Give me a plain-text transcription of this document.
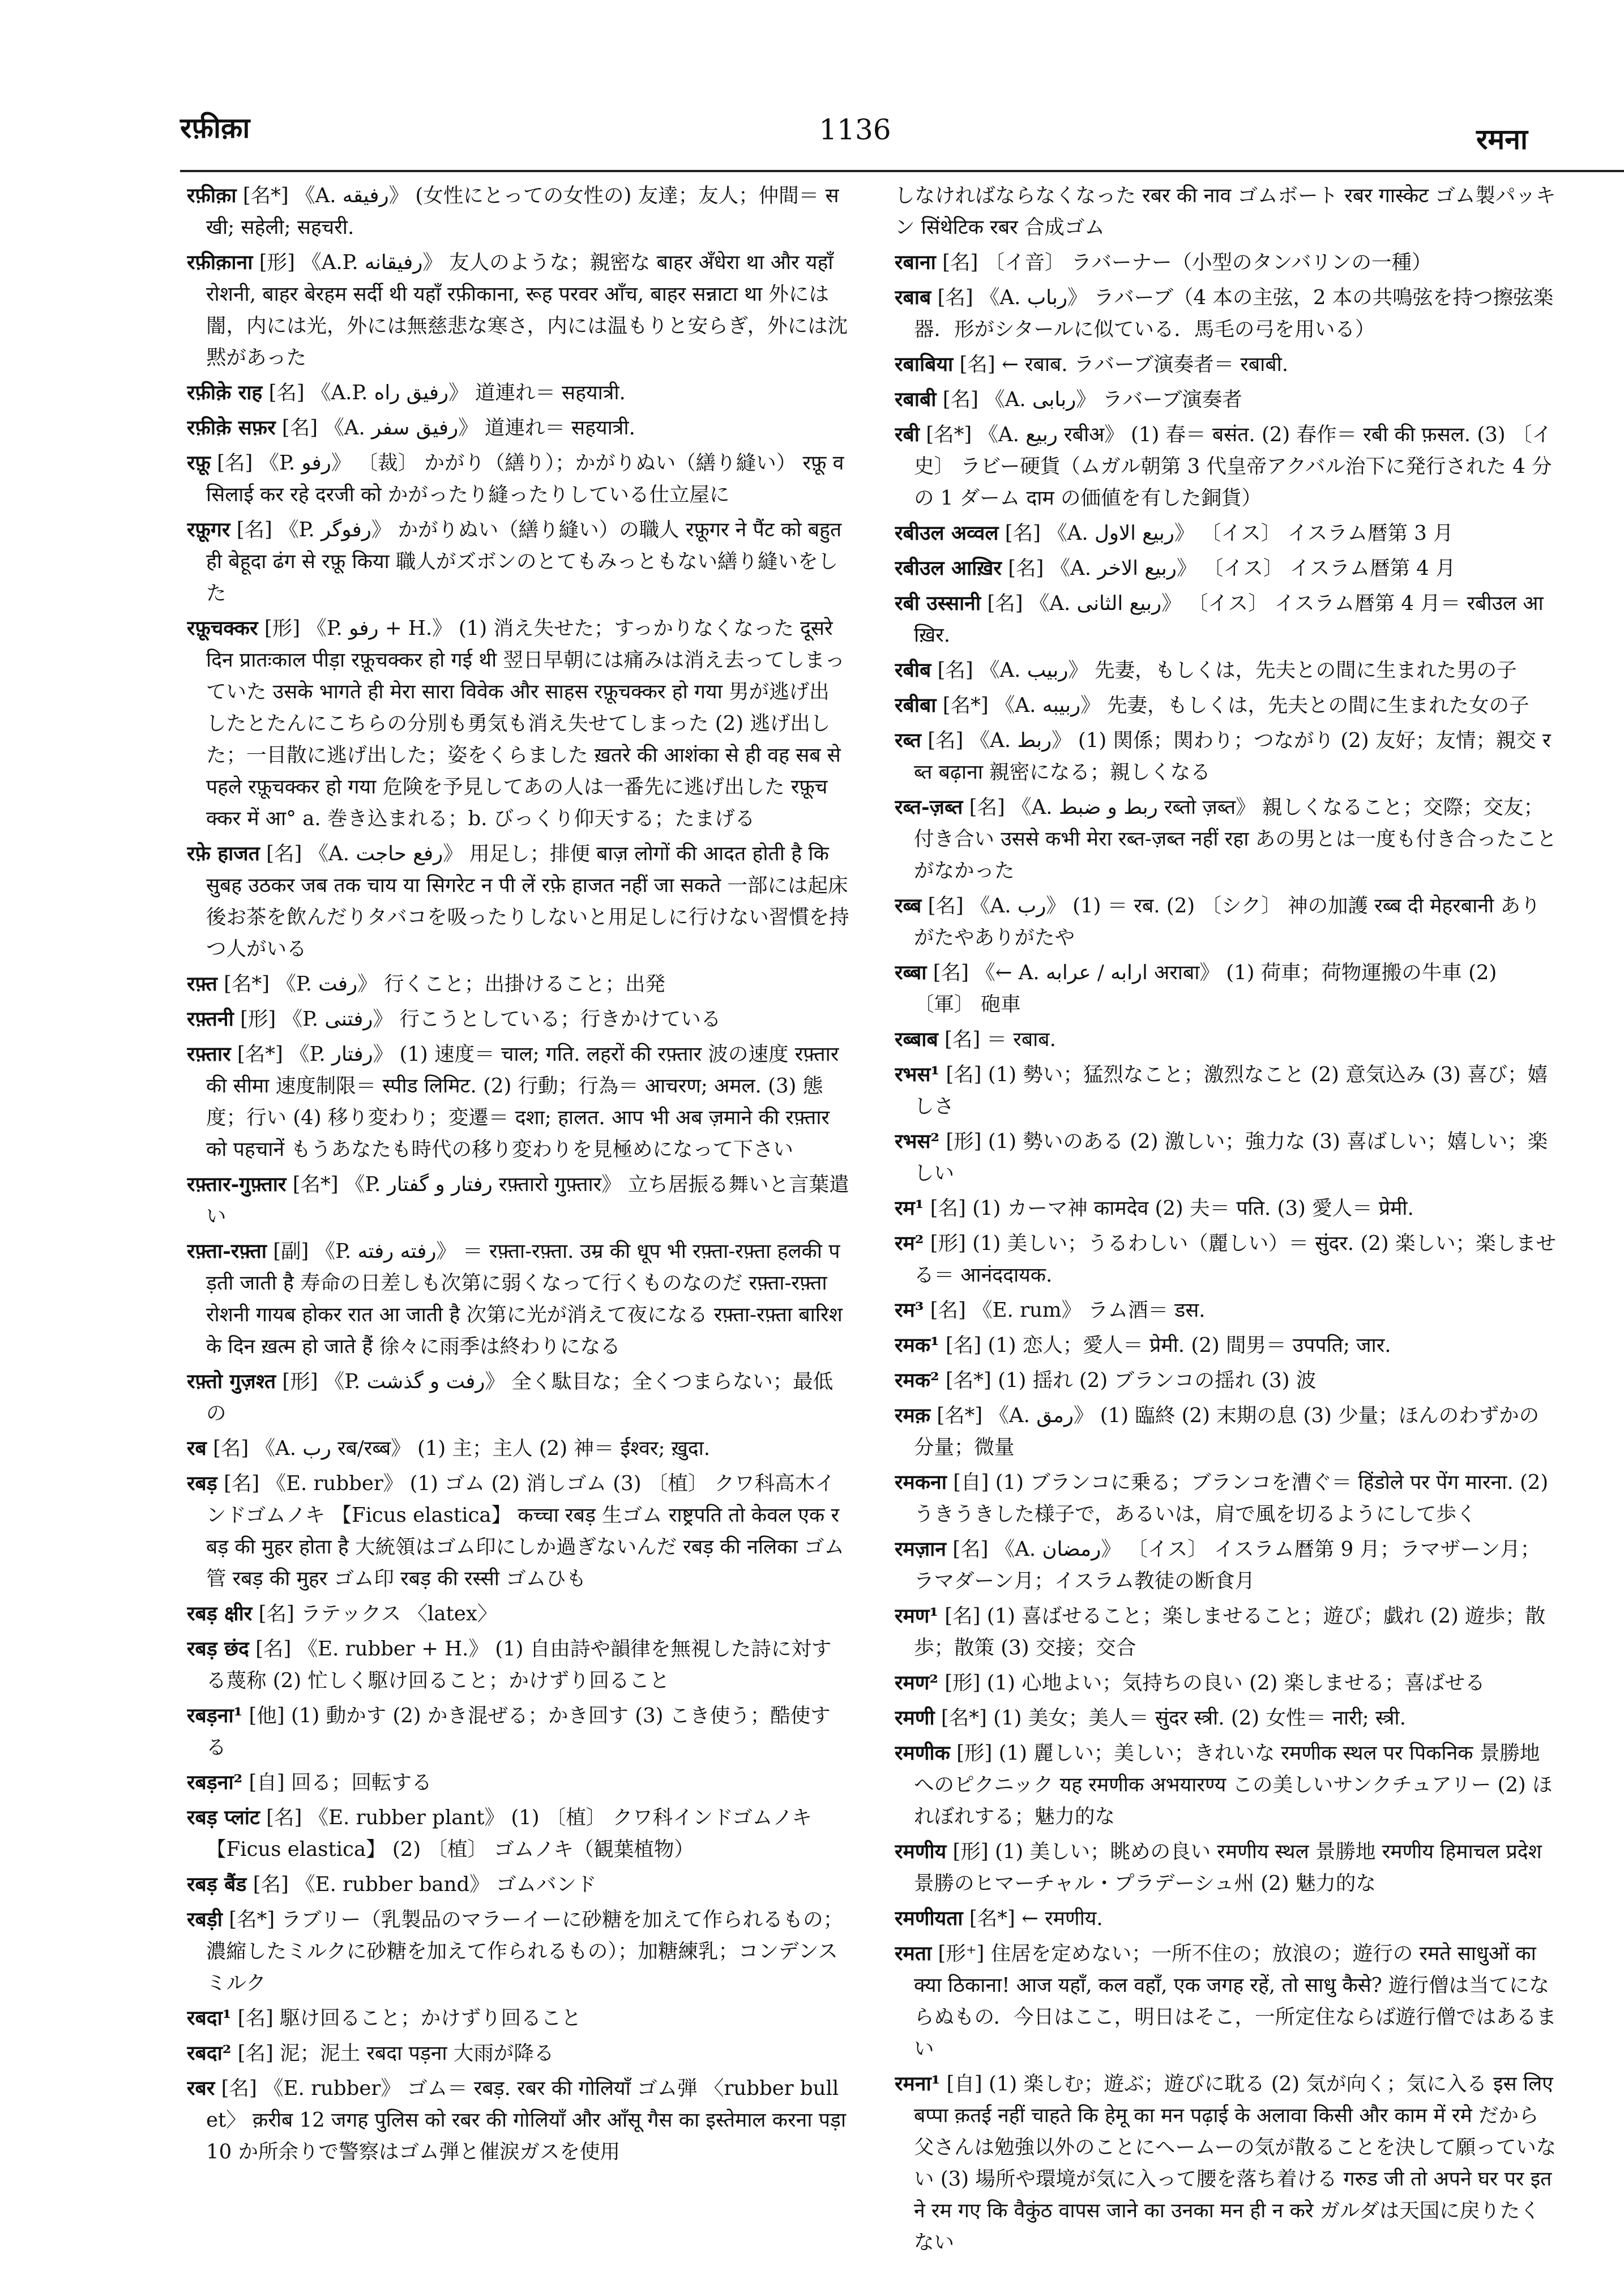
रफ़ीक़ा	1136	रमना

रफ़ीक़ा [名*] 《A. رفيقه》 (女性にとっての女性の) 友達；友人；仲間＝ सखी; सहेली; सहचरी.

रफ़ीक़ाना [形] 《A.P. رفيقانه》 友人のような；親密な बाहर अँधेरा था और यहाँ रोशनी, बाहर बेरहम सर्दी थी यहाँ रफ़ीकाना, रूह परवर आँच, बाहर सन्नाटा था 外には闇，内には光，外には無慈悲な寒さ，内には温もりと安らぎ，外には沈黙があった

रफ़ीक़े राह [名] 《A.P. رفيق راه》 道連れ＝ सहयात्री.

रफ़ीक़े सफ़र [名] 《A. رفيق سفر》 道連れ＝ सहयात्री.

रफ़ू [名] 《P. رفو》 〔裁〕 かがり（繕り）；かがりぬい（繕り縫い） रफ़ू व सिलाई कर रहे दरजी को かがったり縫ったりしている仕立屋に

रफ़ूगर [名] 《P. رفوگر》 かがりぬい（繕り縫い）の職人 रफ़ूगर ने पैंट को बहुत ही बेहूदा ढंग से रफ़ू किया 職人がズボンのとてもみっともない繕り縫いをした

रफ़ूचक्कर [形] 《P. رفو + H.》 (1) 消え失せた；すっかりなくなった दूसरे दिन प्रातःकाल पीड़ा रफ़ूचक्कर हो गई थी 翌日早朝には痛みは消え去ってしまっていた उसके भागते ही मेरा सारा विवेक और साहस रफ़ूचक्कर हो गया 男が逃げ出したとたんにこちらの分別も勇気も消え失せてしまった (2) 逃げ出した；一目散に逃げ出した；姿をくらました ख़तरे की आशंका से ही वह सब से पहले रफ़ूचक्कर हो गया 危険を予見してあの人は一番先に逃げ出した रफ़ूचक्कर में आ° a. 巻き込まれる；b. びっくり仰天する；たまげる

रफ़े हाजत [名] 《A. رفع حاجت》 用足し；排便 बाज़ लोगों की आदत होती है कि सुबह उठकर जब तक चाय या सिगरेट न पी लें रफ़े हाजत नहीं जा सकते 一部には起床後お茶を飲んだりタバコを吸ったりしないと用足しに行けない習慣を持つ人がいる

रफ़्त [名*] 《P. رفت》 行くこと；出掛けること；出発

रफ़्तनी [形] 《P. رفتنی》 行こうとしている；行きかけている

रफ़्तार [名*] 《P. رفتار》 (1) 速度＝ चाल; गति. लहरों की रफ़्तार 波の速度 रफ़्तार की सीमा 速度制限＝ स्पीड लिमिट. (2) 行動；行為＝ आचरण; अमल. (3) 態度；行い (4) 移り変わり；変遷＝ दशा; हालत. आप भी अब ज़माने की रफ़्तार को पहचानें もうあなたも時代の移り変わりを見極めになって下さい

रफ़्तार-गुफ़्तार [名*] 《P. رفتار و گفتار रफ़्तारो गुफ़्तार》 立ち居振る舞いと言葉遣い

रफ़्ता-रफ़्ता [副] 《P. رفته رفته》 ＝ रफ़्ता-रफ़्ता. उम्र की धूप भी रफ़्ता-रफ़्ता हलकी पड़ती जाती है 寿命の日差しも次第に弱くなって行くものなのだ रफ़्ता-रफ़्ता रोशनी गायब होकर रात आ जाती है 次第に光が消えて夜になる रफ़्ता-रफ़्ता बारिश के दिन ख़त्म हो जाते हैं 徐々に雨季は終わりになる

रफ़्तो गुज़श्त [形] 《P. رفت و گذشت》 全く駄目な；全くつまらない；最低の

रब [名] 《A. رب रब/रब्ब》 (1) 主；主人 (2) 神＝ ईश्वर; ख़ुदा.

रबड़ [名] 《E. rubber》 (1) ゴム (2) 消しゴム (3) 〔植〕 クワ科高木インドゴムノキ 【Ficus elastica】 कच्चा रबड़ 生ゴム राष्ट्रपति तो केवल एक रबड़ की मुहर होता है 大統領はゴム印にしか過ぎないんだ रबड़ की नलिका ゴム管 रबड़ की मुहर ゴム印 रबड़ की रस्सी ゴムひも

रबड़ क्षीर [名] ラテックス 〈latex〉

रबड़ छंद [名] 《E. rubber + H.》 (1) 自由詩や韻律を無視した詩に対する蔑称 (2) 忙しく駆け回ること；かけずり回ること

रबड़ना¹ [他] (1) 動かす (2) かき混ぜる；かき回す (3) こき使う；酷使する

रबड़ना² [自] 回る；回転する

रबड़ प्लांट [名] 《E. rubber plant》 (1) 〔植〕 クワ科インドゴムノキ 【Ficus elastica】 (2) 〔植〕 ゴムノキ（観葉植物）

रबड़ बैंड [名] 《E. rubber band》 ゴムバンド

रबड़ी [名*] ラブリー（乳製品のマラーイーに砂糖を加えて作られるもの；濃縮したミルクに砂糖を加えて作られるもの）；加糖練乳；コンデンスミルク

रबदा¹ [名] 駆け回ること；かけずり回ること

रबदा² [名] 泥；泥土 रबदा पड़ना 大雨が降る

रबर [名] 《E. rubber》 ゴム＝ रबड़. रबर की गोलियाँ ゴム弾 〈rubber bullet〉 क़रीब 12 जगह पुलिस को रबर की गोलियाँ और आँसू गैस का इस्तेमाल करना पड़ा 10 か所余りで警察はゴム弾と催涙ガスを使用

しなければならなくなった रबर की नाव ゴムボート रबर गास्केट ゴム製パッキン सिंथेटिक रबर 合成ゴム

रबाना [名] 〔イ音〕 ラバーナー（小型のタンバリンの一種）

रबाब [名] 《A. رباب》 ラバーブ（4 本の主弦，2 本の共鳴弦を持つ擦弦楽器．形がシタールに似ている．馬毛の弓を用いる）

रबाबिया [名] ← रबाब. ラバーブ演奏者＝ रबाबी.

रबाबी [名] 《A. ربابی》 ラバーブ演奏者

रबी [名*] 《A. ربيع रबीअ》 (1) 春＝ बसंत. (2) 春作＝ रबी की फ़सल. (3) 〔イ史〕 ラビー硬貨（ムガル朝第 3 代皇帝アクバル治下に発行された 4 分の 1 ダーム दाम の価値を有した銅貨）

रबीउल अव्वल [名] 《A. ربيع الاول》 〔イス〕 イスラム暦第 3 月

रबीउल आख़िर [名] 《A. ربيع الاخر》 〔イス〕 イスラム暦第 4 月

रबी उस्सानी [名] 《A. ربيع الثانی》 〔イス〕 イスラム暦第 4 月＝ रबीउल आख़िर.

रबीब [名] 《A. ربيب》 先妻，もしくは，先夫との間に生まれた男の子

रबीबा [名*] 《A. ربيبه》 先妻，もしくは，先夫との間に生まれた女の子

रब्त [名] 《A. ربط》 (1) 関係；関わり；つながり (2) 友好；友情；親交 रब्त बढ़ाना 親密になる；親しくなる

रब्त-ज़ब्त [名] 《A. ربط و ضبط रब्तो ज़ब्त》 親しくなること；交際；交友；付き合い उससे कभी मेरा रब्त-ज़ब्त नहीं रहा あの男とは一度も付き合ったことがなかった

रब्ब [名] 《A. رب》 (1) ＝ रब. (2) 〔シク〕 神の加護 रब्ब दी मेहरबानी ありがたやありがたや

रब्बा [名] 《← A. ارابه / عرابه अराबा》 (1) 荷車；荷物運搬の牛車 (2) 〔軍〕 砲車

रब्बाब [名] ＝ रबाब.

रभस¹ [名] (1) 勢い；猛烈なこと；激烈なこと (2) 意気込み (3) 喜び；嬉しさ

रभस² [形] (1) 勢いのある (2) 激しい；強力な (3) 喜ばしい；嬉しい；楽しい

रम¹ [名] (1) カーマ神 कामदेव (2) 夫＝ पति. (3) 愛人＝ प्रेमी.

रम² [形] (1) 美しい；うるわしい（麗しい）＝ सुंदर. (2) 楽しい；楽しませる＝ आनंददायक.

रम³ [名] 《E. rum》 ラム酒＝ डस.

रमक¹ [名] (1) 恋人；愛人＝ प्रेमी. (2) 間男＝ उपपति; जार.

रमक² [名*] (1) 揺れ (2) ブランコの揺れ (3) 波

रमक़ [名*] 《A. رمق》 (1) 臨終 (2) 末期の息 (3) 少量；ほんのわずかの分量；微量

रमकना [自] (1) ブランコに乗る；ブランコを漕ぐ＝ हिंडोले पर पेंग मारना. (2) うきうきした様子で，あるいは，肩で風を切るようにして歩く

रमज़ान [名] 《A. رمضان》 〔イス〕 イスラム暦第 9 月；ラマザーン月；ラマダーン月；イスラム教徒の断食月

रमण¹ [名] (1) 喜ばせること；楽しませること；遊び；戯れ (2) 遊歩；散歩；散策 (3) 交接；交合

रमण² [形] (1) 心地よい；気持ちの良い (2) 楽しませる；喜ばせる

रमणी [名*] (1) 美女；美人＝ सुंदर स्त्री. (2) 女性＝ नारी; स्त्री.

रमणीक [形] (1) 麗しい；美しい；きれいな रमणीक स्थल पर पिकनिक 景勝地へのピクニック यह रमणीक अभयारण्य この美しいサンクチュアリー (2) ほれぼれする；魅力的な

रमणीय [形] (1) 美しい；眺めの良い रमणीय स्थल 景勝地 रमणीय हिमाचल प्रदेश 景勝のヒマーチャル・プラデーシュ州 (2) 魅力的な

रमणीयता [名*] ← रमणीय.

रमता [形⁺] 住居を定めない；一所不住の；放浪の；遊行の रमते साधुओं का क्या ठिकाना! आज यहाँ, कल वहाँ, एक जगह रहें, तो साधु कैसे? 遊行僧は当てにならぬもの．今日はここ，明日はそこ，一所定住ならば遊行僧ではあるまい

रमना¹ [自] (1) 楽しむ；遊ぶ；遊びに耽る (2) 気が向く；気に入る इस लिए बप्पा क़तई नहीं चाहते कि हेमू का मन पढ़ाई के अलावा किसी और काम में रमे だから父さんは勉強以外のことにヘームーの気が散ることを決して願っていない (3) 場所や環境が気に入って腰を落ち着ける गरुड जी तो अपने घर पर इतने रम गए कि वैकुंठ वापस जाने का उनका मन ही न करे ガルダは天国に戻りたくない
